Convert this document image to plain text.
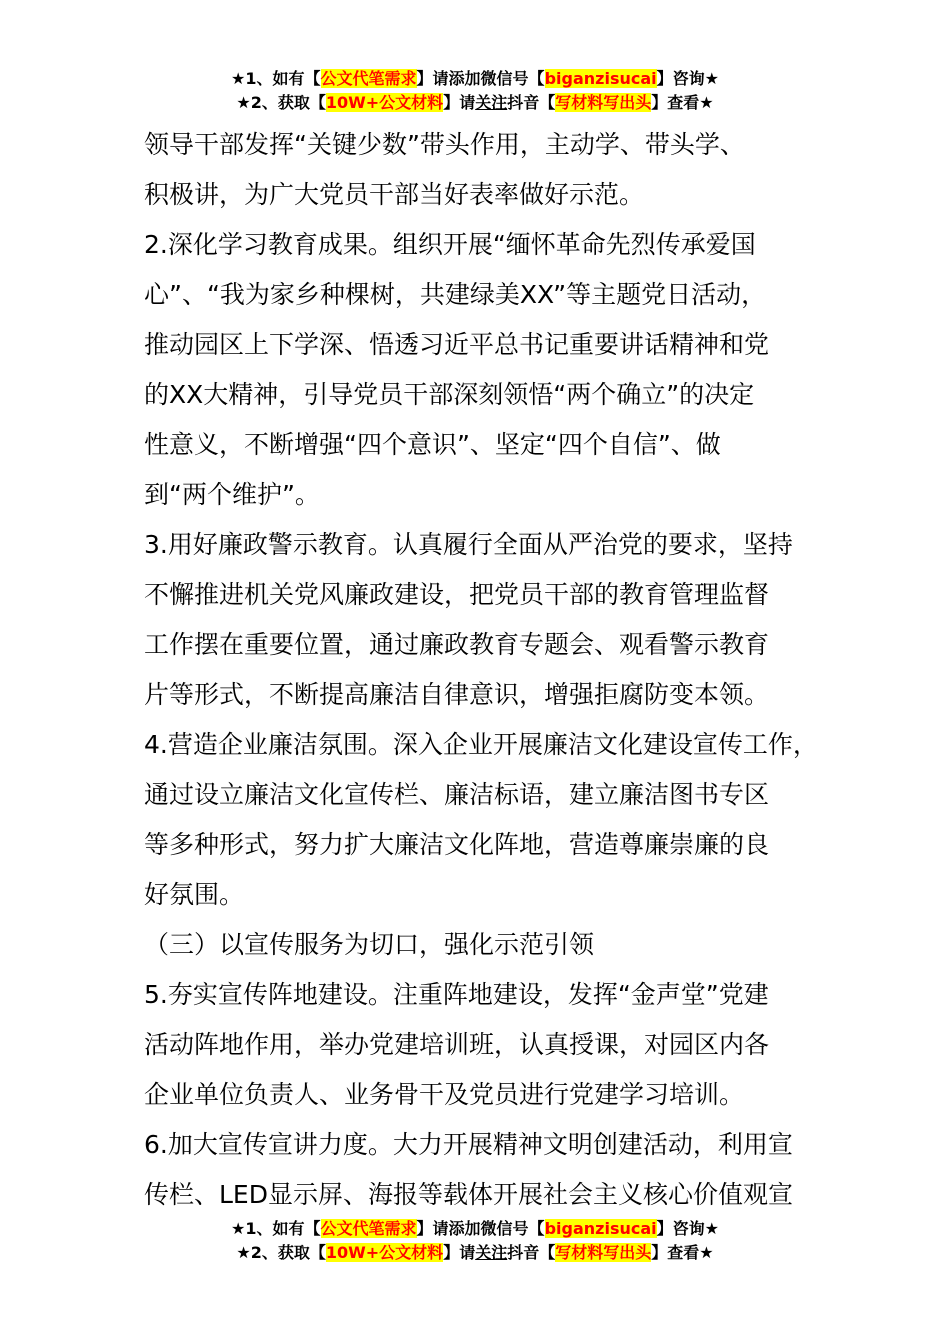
★1、如有【公文代笔需求】请添加微信号【biganzisucai】咨询★
★2、获取【10W+公文材料】请关注抖音【写材料写出头】查看★
领导干部发挥“关键少数”带头作用，主动学、带头学、
积极讲，为广大党员干部当好表率做好示范。
2.深化学习教育成果。组织开展“缅怀革命先烈传承爱国
心”、“我为家乡种棵树，共建绿美XX”等主题党日活动，
推动园区上下学深、悟透习近平总书记重要讲话精神和党
的XX大精神，引导党员干部深刻领悟“两个确立”的决定
性意义，不断增强“四个意识”、坚定“四个自信”、做
到“两个维护”。
3.用好廉政警示教育。认真履行全面从严治党的要求，坚持
不懈推进机关党风廉政建设，把党员干部的教育管理监督
工作摆在重要位置，通过廉政教育专题会、观看警示教育
片等形式，不断提高廉洁自律意识，增强拒腐防变本领。
4.营造企业廉洁氛围。深入企业开展廉洁文化建设宣传工作，
通过设立廉洁文化宣传栏、廉洁标语，建立廉洁图书专区
等多种形式，努力扩大廉洁文化阵地，营造尊廉崇廉的良
好氛围。
（三）以宣传服务为切口，强化示范引领
5.夯实宣传阵地建设。注重阵地建设，发挥“金声堂”党建
活动阵地作用，举办党建培训班，认真授课，对园区内各
企业单位负责人、业务骨干及党员进行党建学习培训。
6.加大宣传宣讲力度。大力开展精神文明创建活动，利用宣
传栏、LED显示屏、海报等载体开展社会主义核心价值观宣
★1、如有【公文代笔需求】请添加微信号【biganzisucai】咨询★
★2、获取【10W+公文材料】请关注抖音【写材料写出头】查看★
